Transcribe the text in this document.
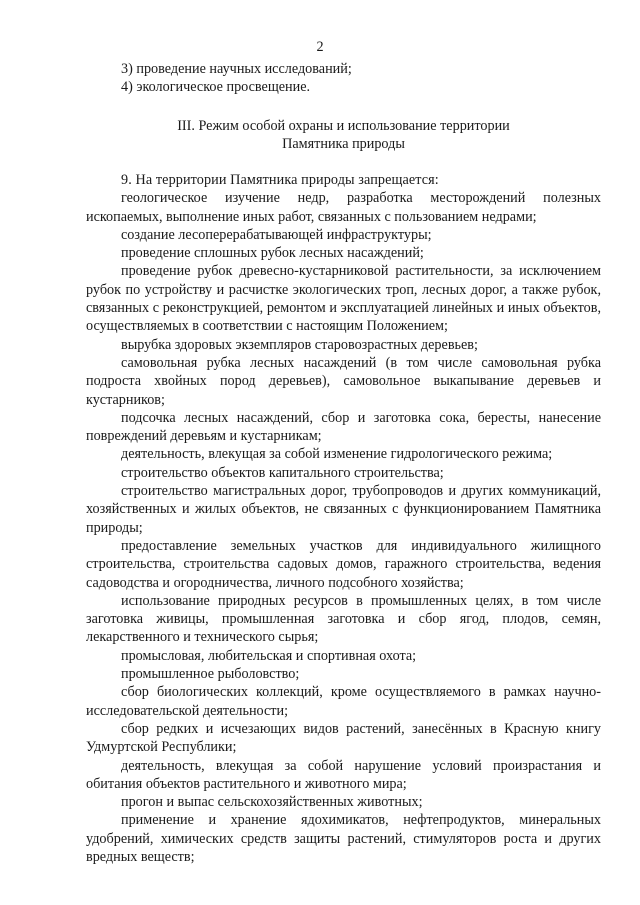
2

3) проведение научных исследований;

4) экологическое просвещение.

III. Режим особой охраны и использование территории
Памятника природы

9. На территории Памятника природы запрещается:

геологическое изучение недр, разработка месторождений полезных ископаемых, выполнение иных работ, связанных с пользованием недрами;

создание лесоперерабатывающей инфраструктуры;

проведение сплошных рубок лесных насаждений;

проведение рубок древесно-кустарниковой растительности, за исключением рубок по устройству и расчистке экологических троп, лесных дорог, а также рубок, связанных с реконструкцией, ремонтом и эксплуатацией линейных и иных объектов, осуществляемых в соответствии с настоящим Положением;

вырубка здоровых экземпляров старовозрастных деревьев;

самовольная рубка лесных насаждений (в том числе самовольная рубка подроста хвойных пород деревьев), самовольное выкапывание деревьев и кустарников;

подсочка лесных насаждений, сбор и заготовка сока, бересты, нанесение повреждений деревьям и кустарникам;

деятельность, влекущая за собой изменение гидрологического режима;

строительство объектов капитального строительства;

строительство магистральных дорог, трубопроводов и других коммуникаций, хозяйственных и жилых объектов, не связанных с функционированием Памятника природы;

предоставление земельных участков для индивидуального жилищного строительства, строительства садовых домов, гаражного строительства, ведения садоводства и огородничества, личного подсобного хозяйства;

использование природных ресурсов в промышленных целях, в том числе заготовка живицы, промышленная заготовка и сбор ягод, плодов, семян, лекарственного и технического сырья;

промысловая, любительская и спортивная охота;

промышленное рыболовство;

сбор биологических коллекций, кроме осуществляемого в рамках научно-исследовательской деятельности;

сбор редких и исчезающих видов растений, занесённых в Красную книгу Удмуртской Республики;

деятельность, влекущая за собой нарушение условий произрастания и обитания объектов растительного и животного мира;

прогон и выпас сельскохозяйственных животных;

применение и хранение ядохимикатов, нефтепродуктов, минеральных удобрений, химических средств защиты растений, стимуляторов роста и других вредных веществ;
